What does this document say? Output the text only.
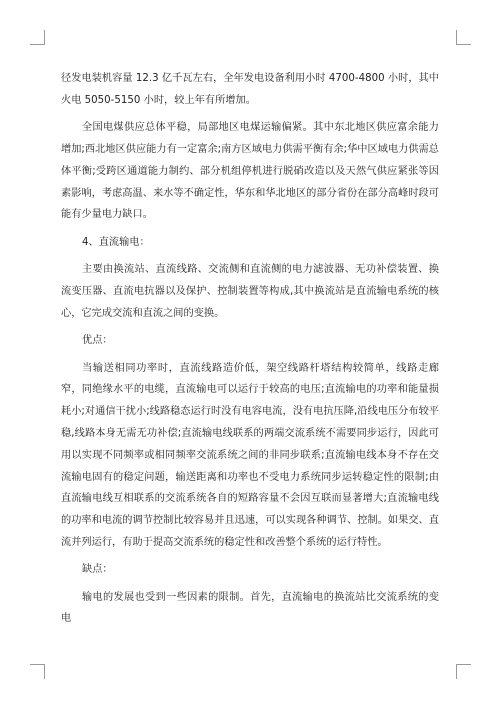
径发电装机容量 12.3 亿千瓦左右，全年发电设备利用小时 4700-4800 小时，其中火电 5050-5150 小时，较上年有所增加。

全国电煤供应总体平稳，局部地区电煤运输偏紧。其中东北地区供应富余能力增加;西北地区供应能力有一定富余;南方区域电力供需平衡有余;华中区域电力供需总体平衡;受跨区通道能力制约、部分机组停机进行脱硝改造以及天然气供应紧张等因素影响，考虑高温、来水等不确定性，华东和华北地区的部分省份在部分高峰时段可能有少量电力缺口。

4、直流输电：

主要由换流站、直流线路、交流侧和直流侧的电力滤波器、无功补偿装置、换流变压器、直流电抗器以及保护、控制装置等构成,其中换流站是直流输电系统的核心，它完成交流和直流之间的变换。

优点：

当输送相同功率时，直流线路造价低，架空线路杆塔结构较简单，线路走廊窄，同绝缘水平的电缆，直流输电可以运行于较高的电压;直流输电的功率和能量损耗小;对通信干扰小;线路稳态运行时没有电容电流，没有电抗压降,沿线电压分布较平稳,线路本身无需无功补偿;直流输电线联系的两端交流系统不需要同步运行，因此可用以实现不同频率或相同频率交流系统之间的非同步联系;直流输电线本身不存在交流输电固有的稳定问题，输送距离和功率也不受电力系统同步运转稳定性的限制;由直流输电线互相联系的交流系统各自的短路容量不会因互联而显著增大;直流输电线的功率和电流的调节控制比较容易并且迅速，可以实现各种调节、控制。如果交、直流并列运行，有助于提高交流系统的稳定性和改善整个系统的运行特性。

缺点：

输电的发展也受到一些因素的限制。首先，直流输电的换流站比交流系统的变电
